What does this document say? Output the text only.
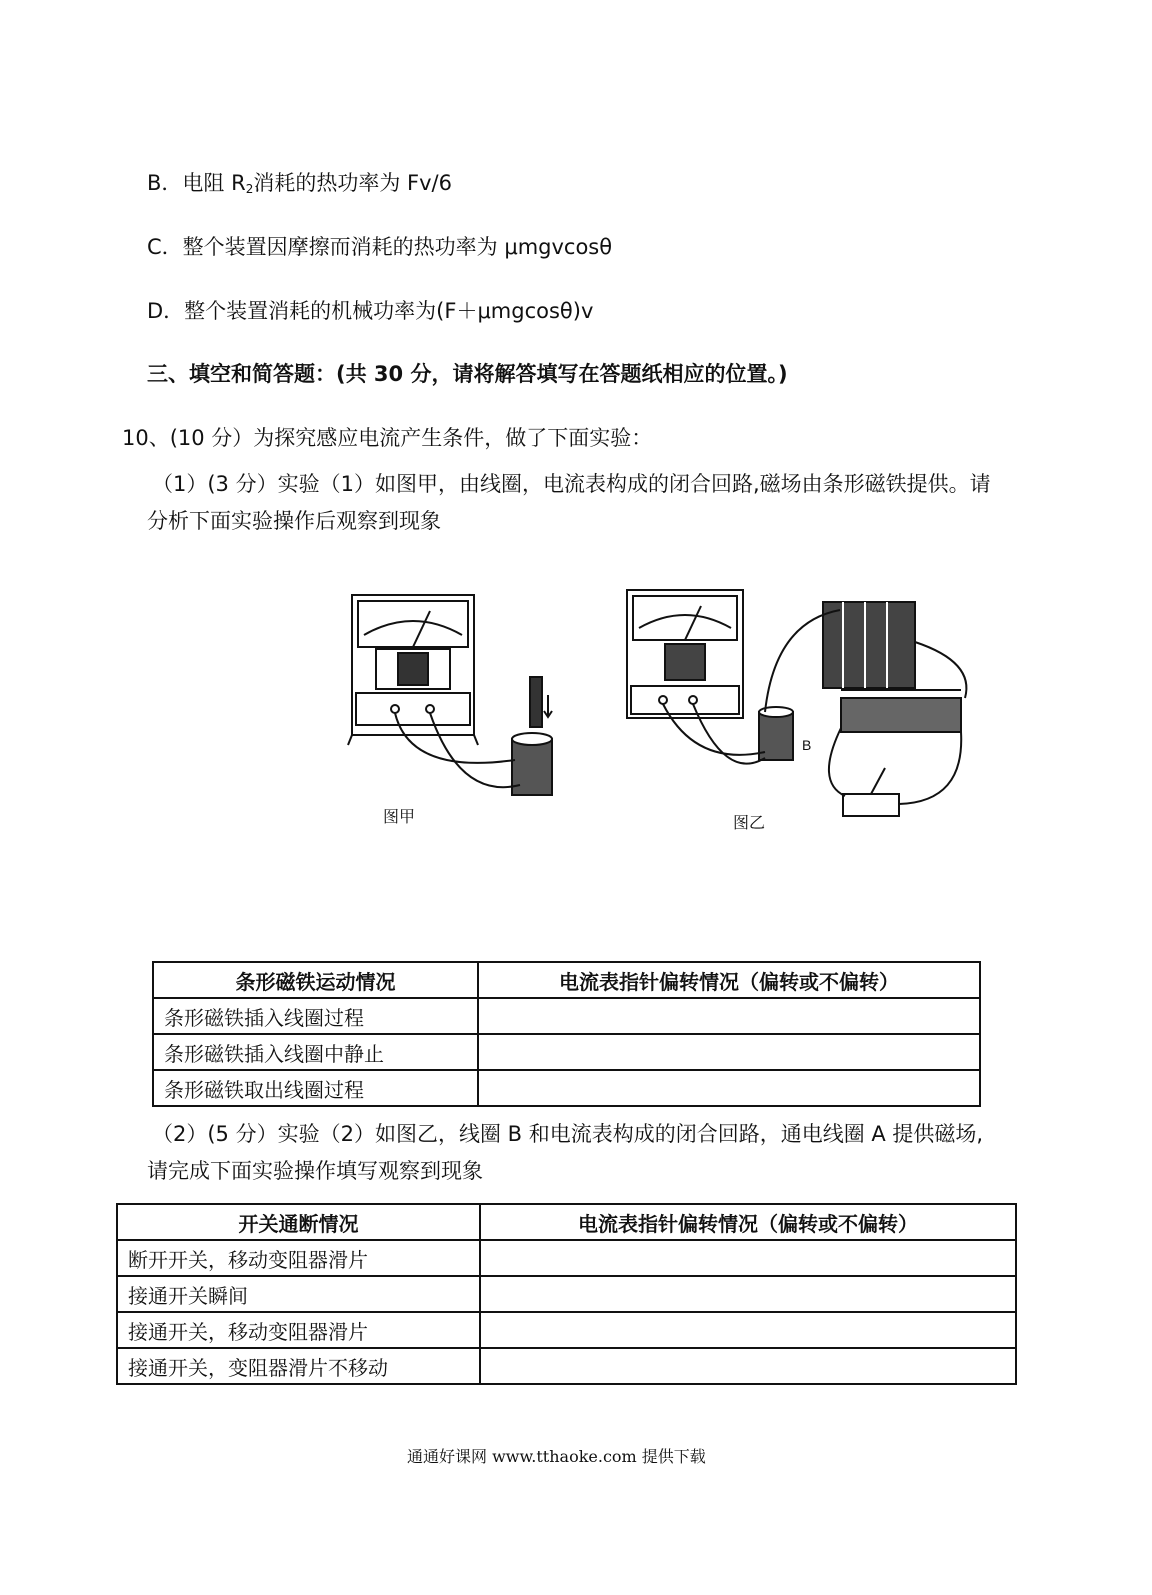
B．电阻 $R_2$消耗的热功率为 Fv/6
C．整个装置因摩擦而消耗的热功率为 μmgvcosθ
D．整个装置消耗的机械功率为(F＋μmgcosθ)v
三、填空和简答题：(共 30 分，请将解答填写在答题纸相应的位置。)
10、(10 分）为探究感应电流产生条件，做了下面实验：
（1）(3 分）实验（1）如图甲，由线圈，电流表构成的闭合回路,磁场由条形磁铁提供。请分析下面实验操作后观察到现象
图甲
B
图乙
条形磁铁运动情况	电流表指针偏转情况（偏转或不偏转）
条形磁铁插入线圈过程	
条形磁铁插入线圈中静止	
条形磁铁取出线圈过程	
（2）(5 分）实验（2）如图乙，线圈 B 和电流表构成的闭合回路，通电线圈 A 提供磁场,请完成下面实验操作填写观察到现象
开关通断情况	电流表指针偏转情况（偏转或不偏转）
断开开关，移动变阻器滑片	
接通开关瞬间	
接通开关，移动变阻器滑片	
接通开关，变阻器滑片不移动	
通通好课网 www.tthaoke.com 提供下载
